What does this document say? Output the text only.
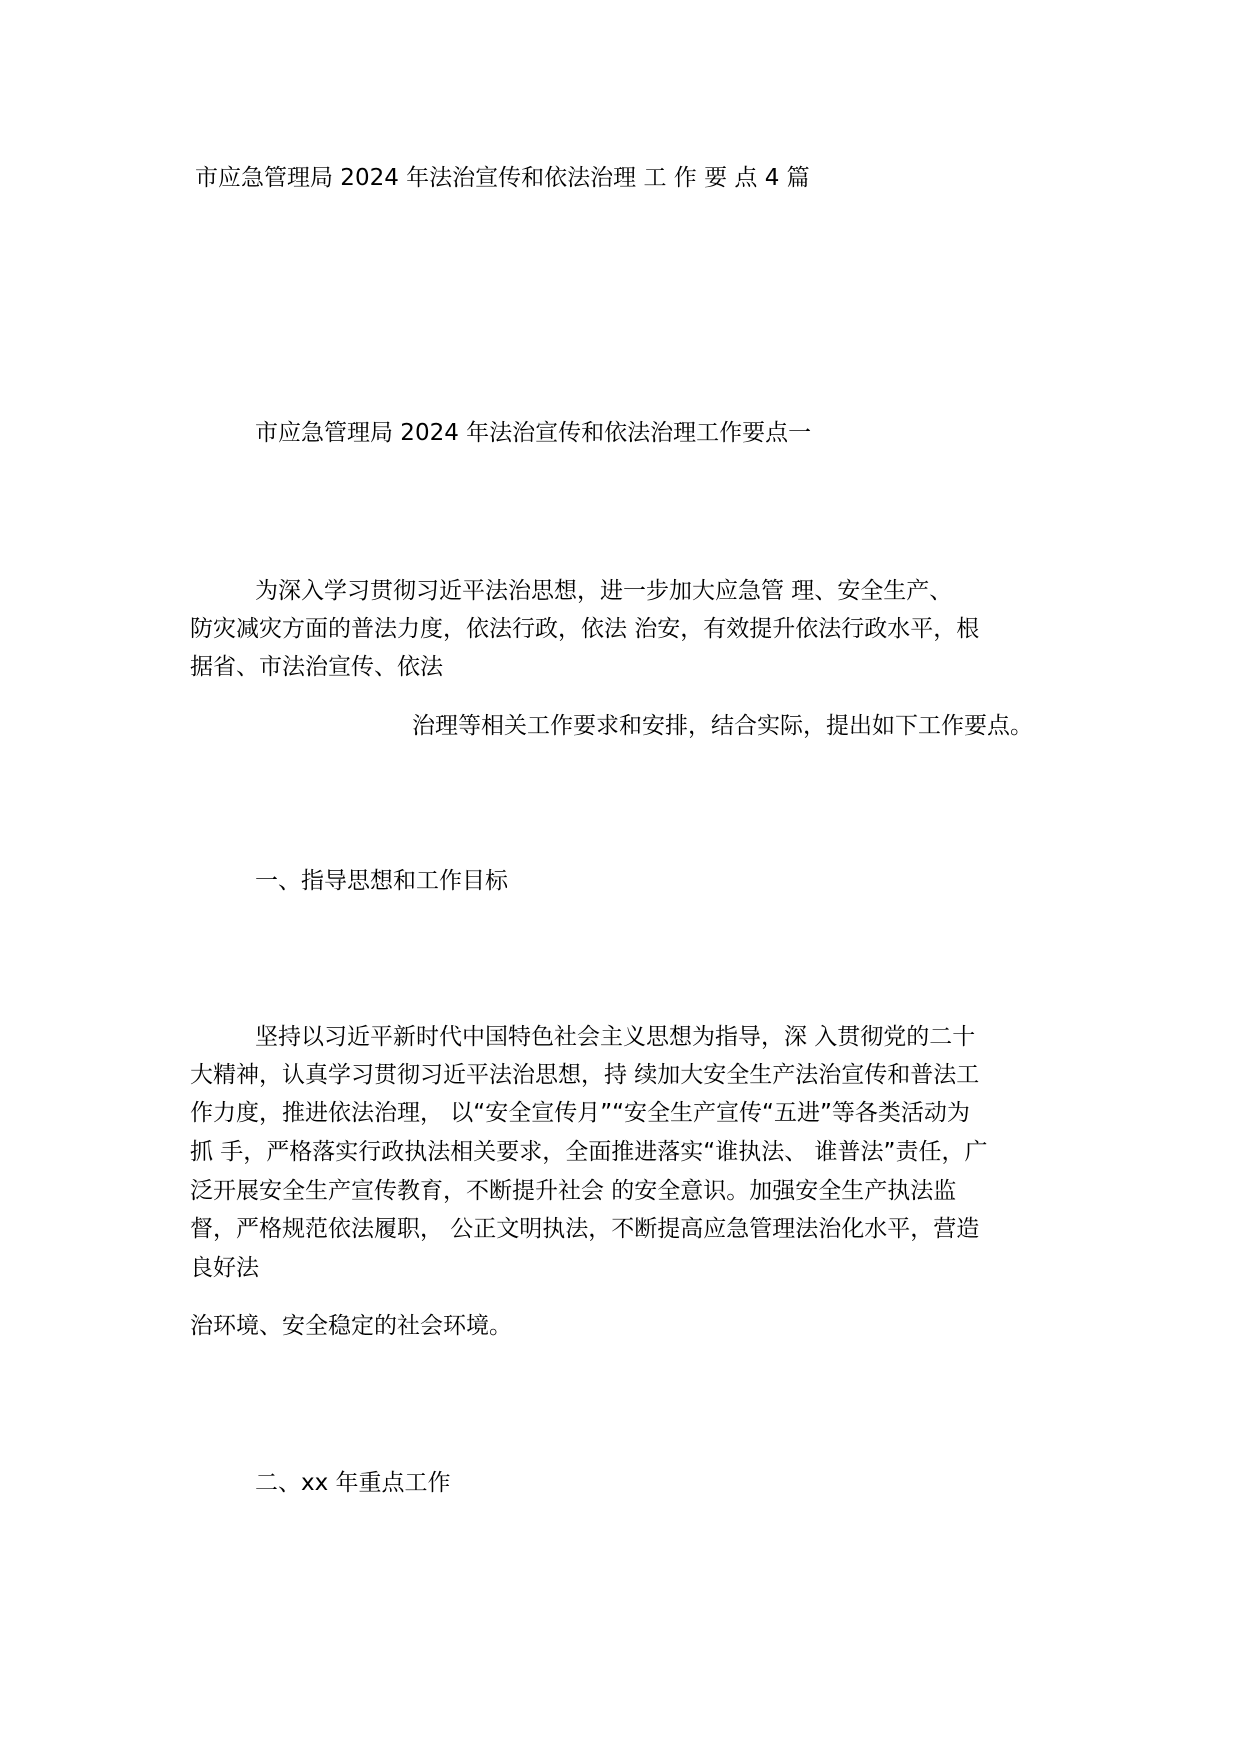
市应急管理局 2024 年法治宣传和依法治理 工 作 要 点 4 篇
市应急管理局 2024 年法治宣传和依法治理工作要点一
为深入学习贯彻习近平法治思想，进一步加大应急管 理、安全生产、
防灾减灾方面的普法力度，依法行政，依法 治安，有效提升依法行政水平，根
据省、市法治宣传、依法
治理等相关工作要求和安排，结合实际，提出如下工作要点。
一、指导思想和工作目标
坚持以习近平新时代中国特色社会主义思想为指导，深 入贯彻党的二十
大精神，认真学习贯彻习近平法治思想，持 续加大安全生产法治宣传和普法工
作力度，推进依法治理， 以“安全宣传月”“安全生产宣传“五进”等各类活动为
抓 手，严格落实行政执法相关要求，全面推进落实“谁执法、 谁普法”责任，广
泛开展安全生产宣传教育，不断提升社会 的安全意识。加强安全生产执法监
督，严格规范依法履职， 公正文明执法，不断提高应急管理法治化水平，营造
良好法
治环境、安全稳定的社会环境。
二、xx 年重点工作
